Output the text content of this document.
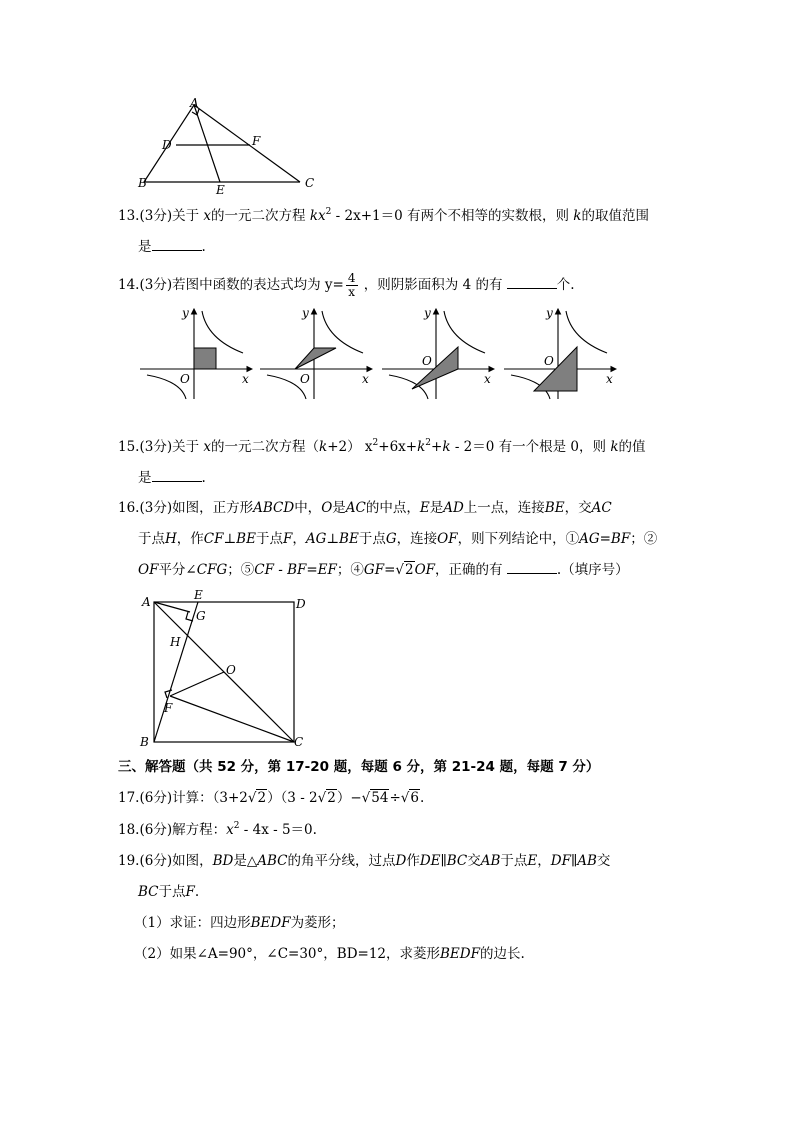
A
D	F
B	E	C
13.(3分)关于 x的一元二次方程 $kx^2 - 2x+1=0$ 有两个不相等的实数根，则 k的取值范围
是	.
14.(3分)若图中函数的表达式均为 $y= \frac{4}{x}$ ，则阴影面积为 4 的有	个.
y
O	x
y
O	x
y
O
x
y
O
x
15.(3分)关于 x的一元二次方程（k+2） $x^2+6x+k^2+k - 2=0$ 有一个根是 0，则 k的值
是	.
16.(3分)如图，正方形ABCD中，O是AC的中点，E是AD上一点，连接BE，交AC
于点H，作CF⊥BE于点F，AG⊥BE于点G，连接OF，则下列结论中，①AG=BF；②
OF平分∠CFG；⑤CF - BF=EF；④GF=√2OF，正确的有	.（填序号）
A	E
D
G
H
O
F
B	C
三、解答题（共 52 分，第 17-20 题，每题 6 分，第 21-24 题，每题 7 分）
17.(6分)计算：（3+2√2）（3 - 2√2）−√54÷√6.
18.(6分)解方程：$x^2 - 4x - 5=0$.
19.(6分)如图，BD是△ABC的角平分线，过点D作DE∥BC交AB于点E，DF∥AB交
BC于点F.
（1）求证：四边形BEDF为菱形；
（2）如果∠A=90°，∠C=30°，BD=12，求菱形BEDF的边长.
